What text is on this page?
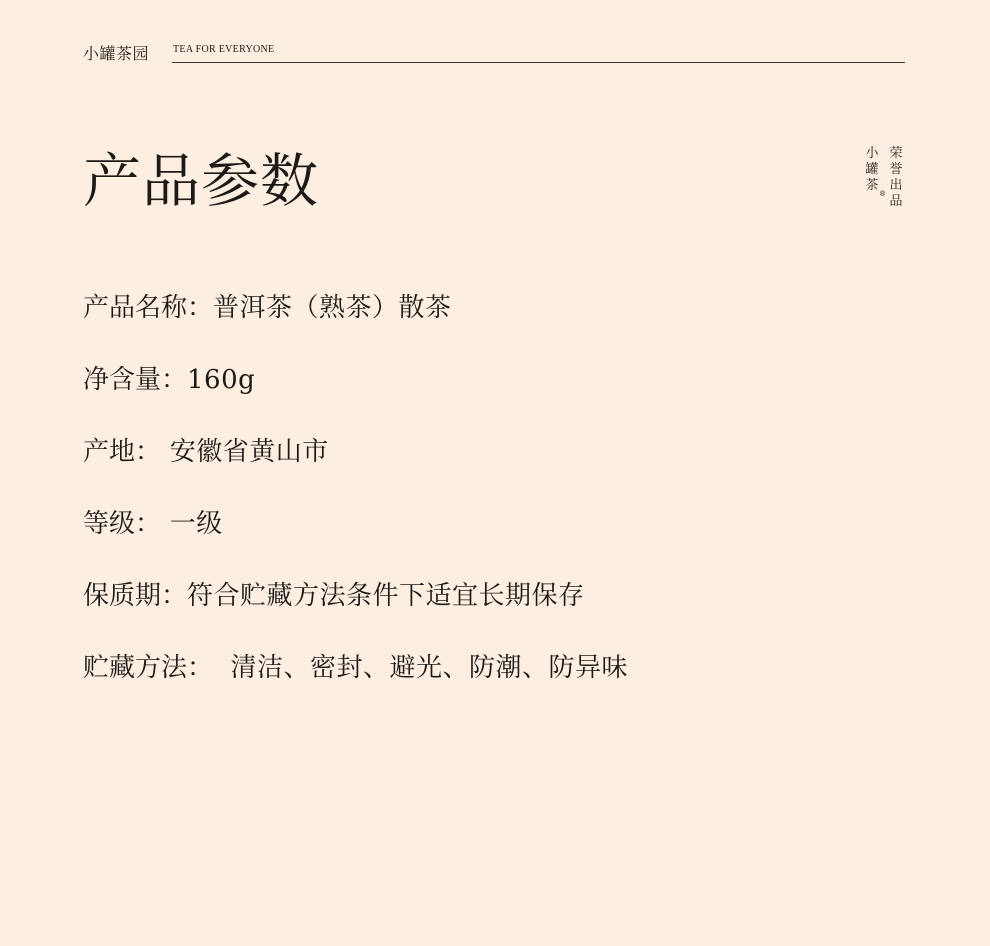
小罐茶园 TEA FOR EVERYONE
产品参数	小罐茶
®
荣誉出品
产品名称：普洱茶（熟茶）散茶
净含量：160g
产地： 安徽省黄山市
等级： 一级
保质期：符合贮藏方法条件下适宜长期保存
贮藏方法：  清洁、密封、避光、防潮、防异味
